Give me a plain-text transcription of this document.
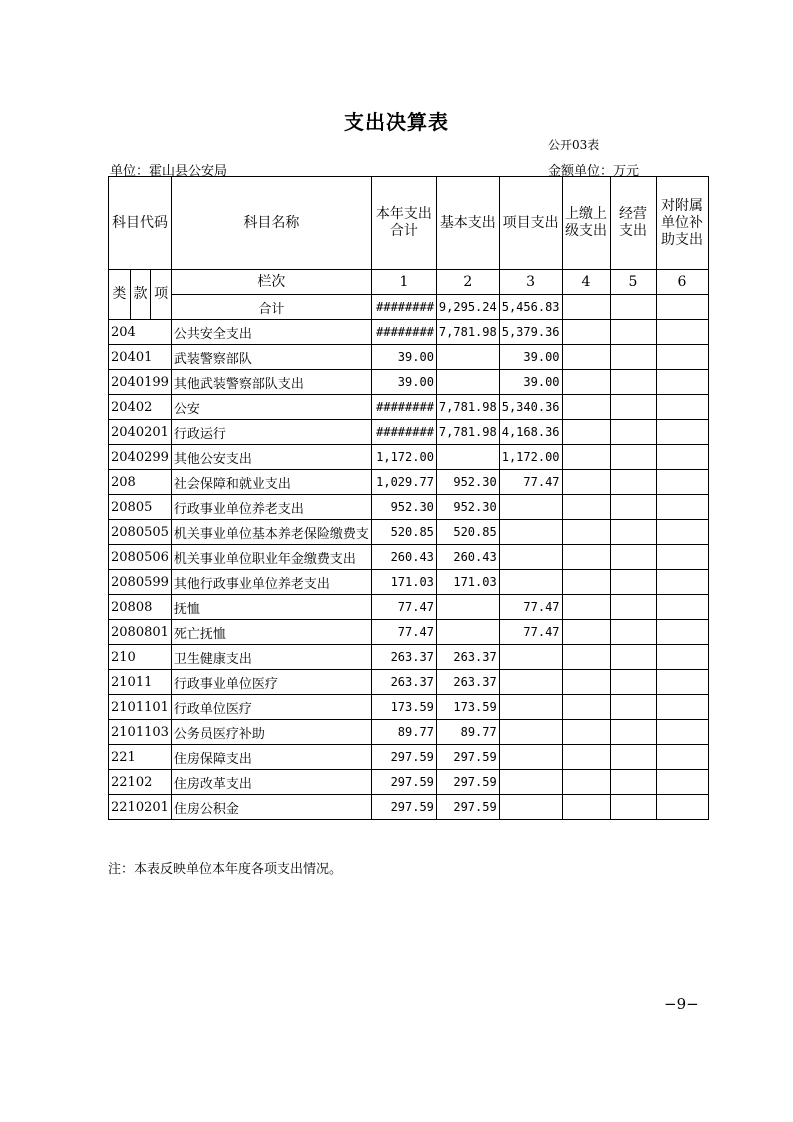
支出决算表
公开03表
单位：霍山县公安局	金额单位：万元
科目代码			科目名称	本年支出合计	基本支出	项目支出	上缴上级支出	经营支出	对附属单位补助支出
类	款	项	栏次	1	2	3	4	5	6
			合计	########	9,295.24	5,456.83			
204			公共安全支出	########	7,781.98	5,379.36			
20401			武装警察部队	39.00		39.00			
2040199			其他武装警察部队支出	39.00		39.00			
20402			公安	########	7,781.98	5,340.36			
2040201			行政运行	########	7,781.98	4,168.36			
2040299			其他公安支出	1,172.00		1,172.00			
208			社会保障和就业支出	1,029.77	952.30	77.47			
20805			行政事业单位养老支出	952.30	952.30				
2080505			机关事业单位基本养老保险缴费支	520.85	520.85				
2080506			机关事业单位职业年金缴费支出	260.43	260.43				
2080599			其他行政事业单位养老支出	171.03	171.03				
20808			抚恤	77.47		77.47			
2080801			死亡抚恤	77.47		77.47			
210			卫生健康支出	263.37	263.37				
21011			行政事业单位医疗	263.37	263.37				
2101101			行政单位医疗	173.59	173.59				
2101103			公务员医疗补助	89.77	89.77				
221			住房保障支出	297.59	297.59				
22102			住房改革支出	297.59	297.59				
2210201			住房公积金	297.59	297.59				
注：本表反映单位本年度各项支出情况。
−9−
